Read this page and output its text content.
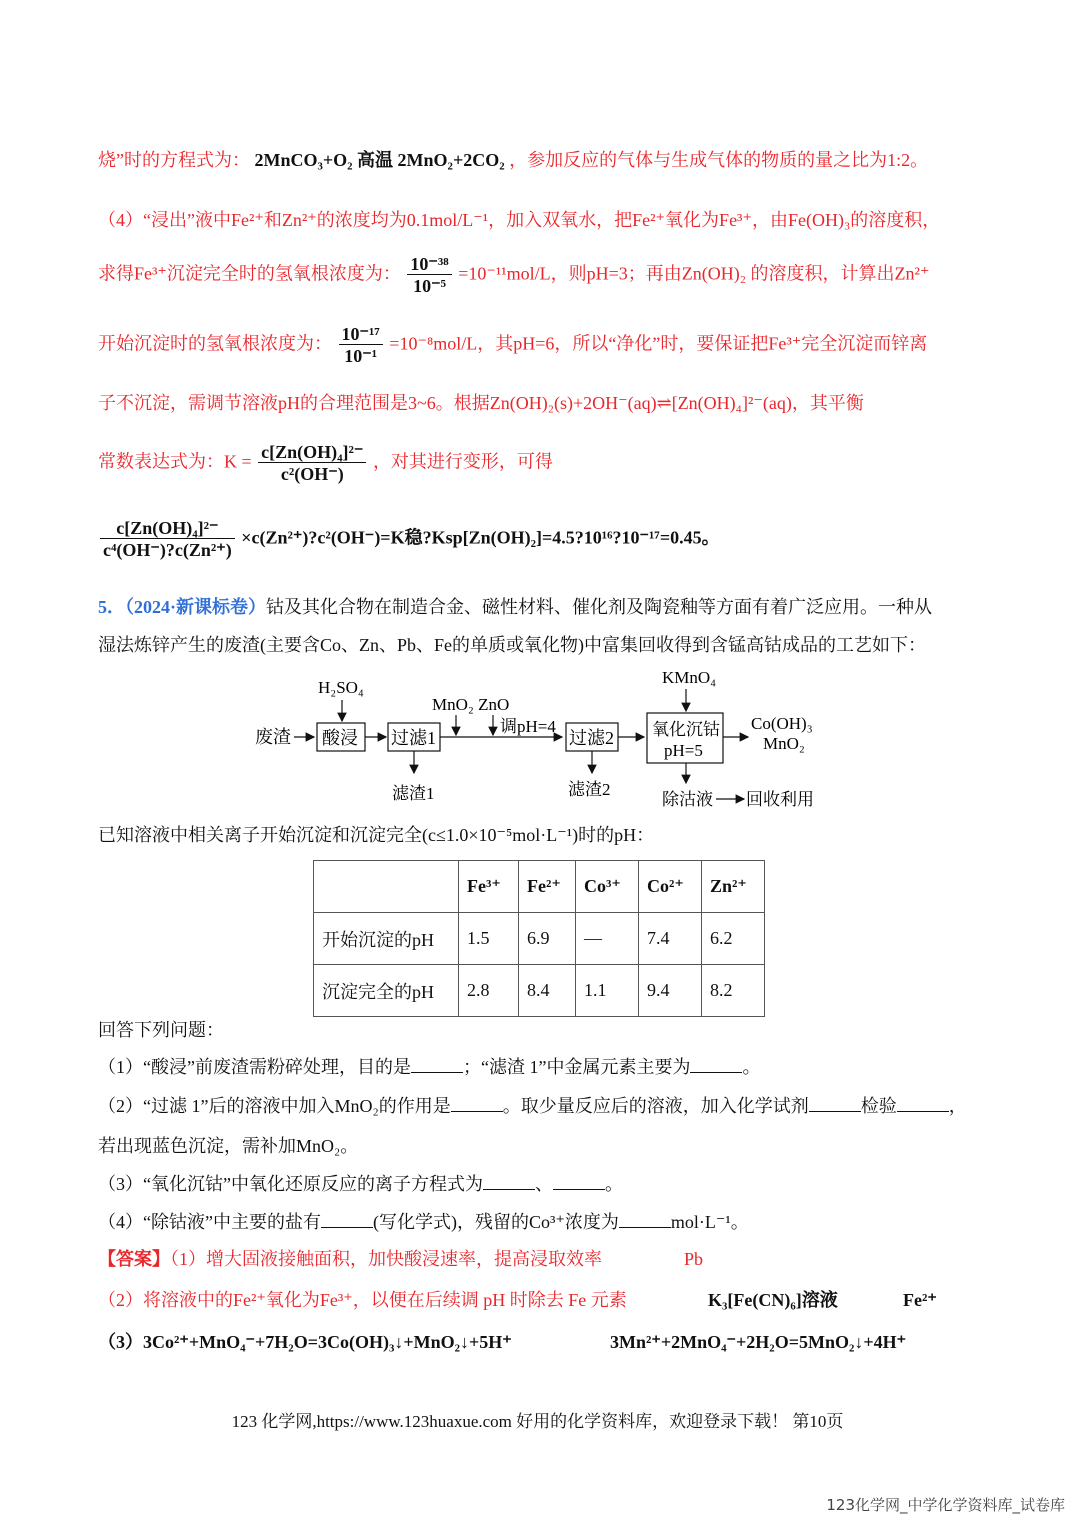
烧”时的方程式为： 2MnCO₃+O₂ 高温 2MnO₂+2CO₂ ，参加反应的气体与生成气体的物质的量之比为1:2。
（4）“浸出”液中Fe²⁺和Zn²⁺的浓度均为0.1mol/L⁻¹，加入双氧水，把Fe²⁺氧化为Fe³⁺，由Fe(OH)₃的溶度积，
求得Fe³⁺沉淀完全时的氢氧根浓度为： $\frac{\text{10⁻³⁸}}{\text{10⁻⁵}} =10^{-11}mol/L$，则pH=3；再由Zn(OH)₂ 的溶度积，计算出Zn²⁺
开始沉淀时的氢氧根浓度为： $\frac{\text{10⁻¹⁷}}{\text{10⁻¹}} =10^{-8}mol/L$，其pH=6，所以“净化”时，要保证把Fe³⁺完全沉淀而锌离
子不沉淀，需调节溶液pH的合理范围是3~6。根据Zn(OH)₂(s)+2OH⁻(aq)⇌[Zn(OH)₄]²⁻(aq)，其平衡
常数表达式为：$K = \frac{\text{c[Zn(OH)₄]²⁻}}{\text{c²(OH⁻)}}$ ，对其进行变形，可得
$\frac{\text{c[Zn(OH)₄]²⁻}}{\text{c⁴(OH⁻)?c(Zn²⁺)}}$ ×c(Zn²⁺)?c²(OH⁻)=K稳?Ksp[Zn(OH)₂]=4.5?10¹⁶?10⁻¹⁷=0.45。
5．（2024·新课标卷）钴及其化合物在制造合金、磁性材料、催化剂及陶瓷釉等方面有着广泛应用。一种从
湿法炼锌产生的废渣(主要含Co、Zn、Pb、Fe的单质或氧化物)中富集回收得到含锰高钴成品的工艺如下：
废渣
H₂SO₄
酸浸 过滤1
滤渣1
MnO₂ ZnO
调pH=4
过滤2
滤渣2
KMnO₄
氧化沉钴
pH=5
Co(OH)₃
MnO₂
除沽液 回收利用
已知溶液中相关离子开始沉淀和沉淀完全(c≤1.0×10⁻⁵mol·L⁻¹)时的pH：
	Fe³⁺	Fe²⁺	Co³⁺	Co²⁺	Zn²⁺
开始沉淀的pH	1.5	6.9	—	7.4	6.2
沉淀完全的pH	2.8	8.4	1.1	9.4	8.2
回答下列问题：
（1）“酸浸”前废渣需粉碎处理，目的是	；“滤渣 1”中金属元素主要为	。
（2）“过滤 1”后的溶液中加入MnO₂的作用是	。取少量反应后的溶液，加入化学试剂	检验	，
若出现蓝色沉淀，需补加MnO₂。
（3）“氧化沉钴”中氧化还原反应的离子方程式为	、	。
（4）“除钴液”中主要的盐有	(写化学式)，残留的Co³⁺浓度为	mol·L⁻¹。
【答案】（1）增大固液接触面积，加快酸浸速率，提高浸取效率	Pb
（2）将溶液中的Fe²⁺氧化为Fe³⁺，以便在后续调 pH 时除去 Fe 元素	K₃[Fe(CN)₆]溶液	Fe²⁺
（3）3Co²⁺+MnO₄⁻+7H₂O=3Co(OH)₃↓+MnO₂↓+5H⁺	3Mn²⁺+2MnO₄⁻+2H₂O=5MnO₂↓+4H⁺
123 化学网,https://www.123huaxue.com 好用的化学资料库，欢迎登录下载！ 第10页
123化学网_中学化学资料库_试卷库
